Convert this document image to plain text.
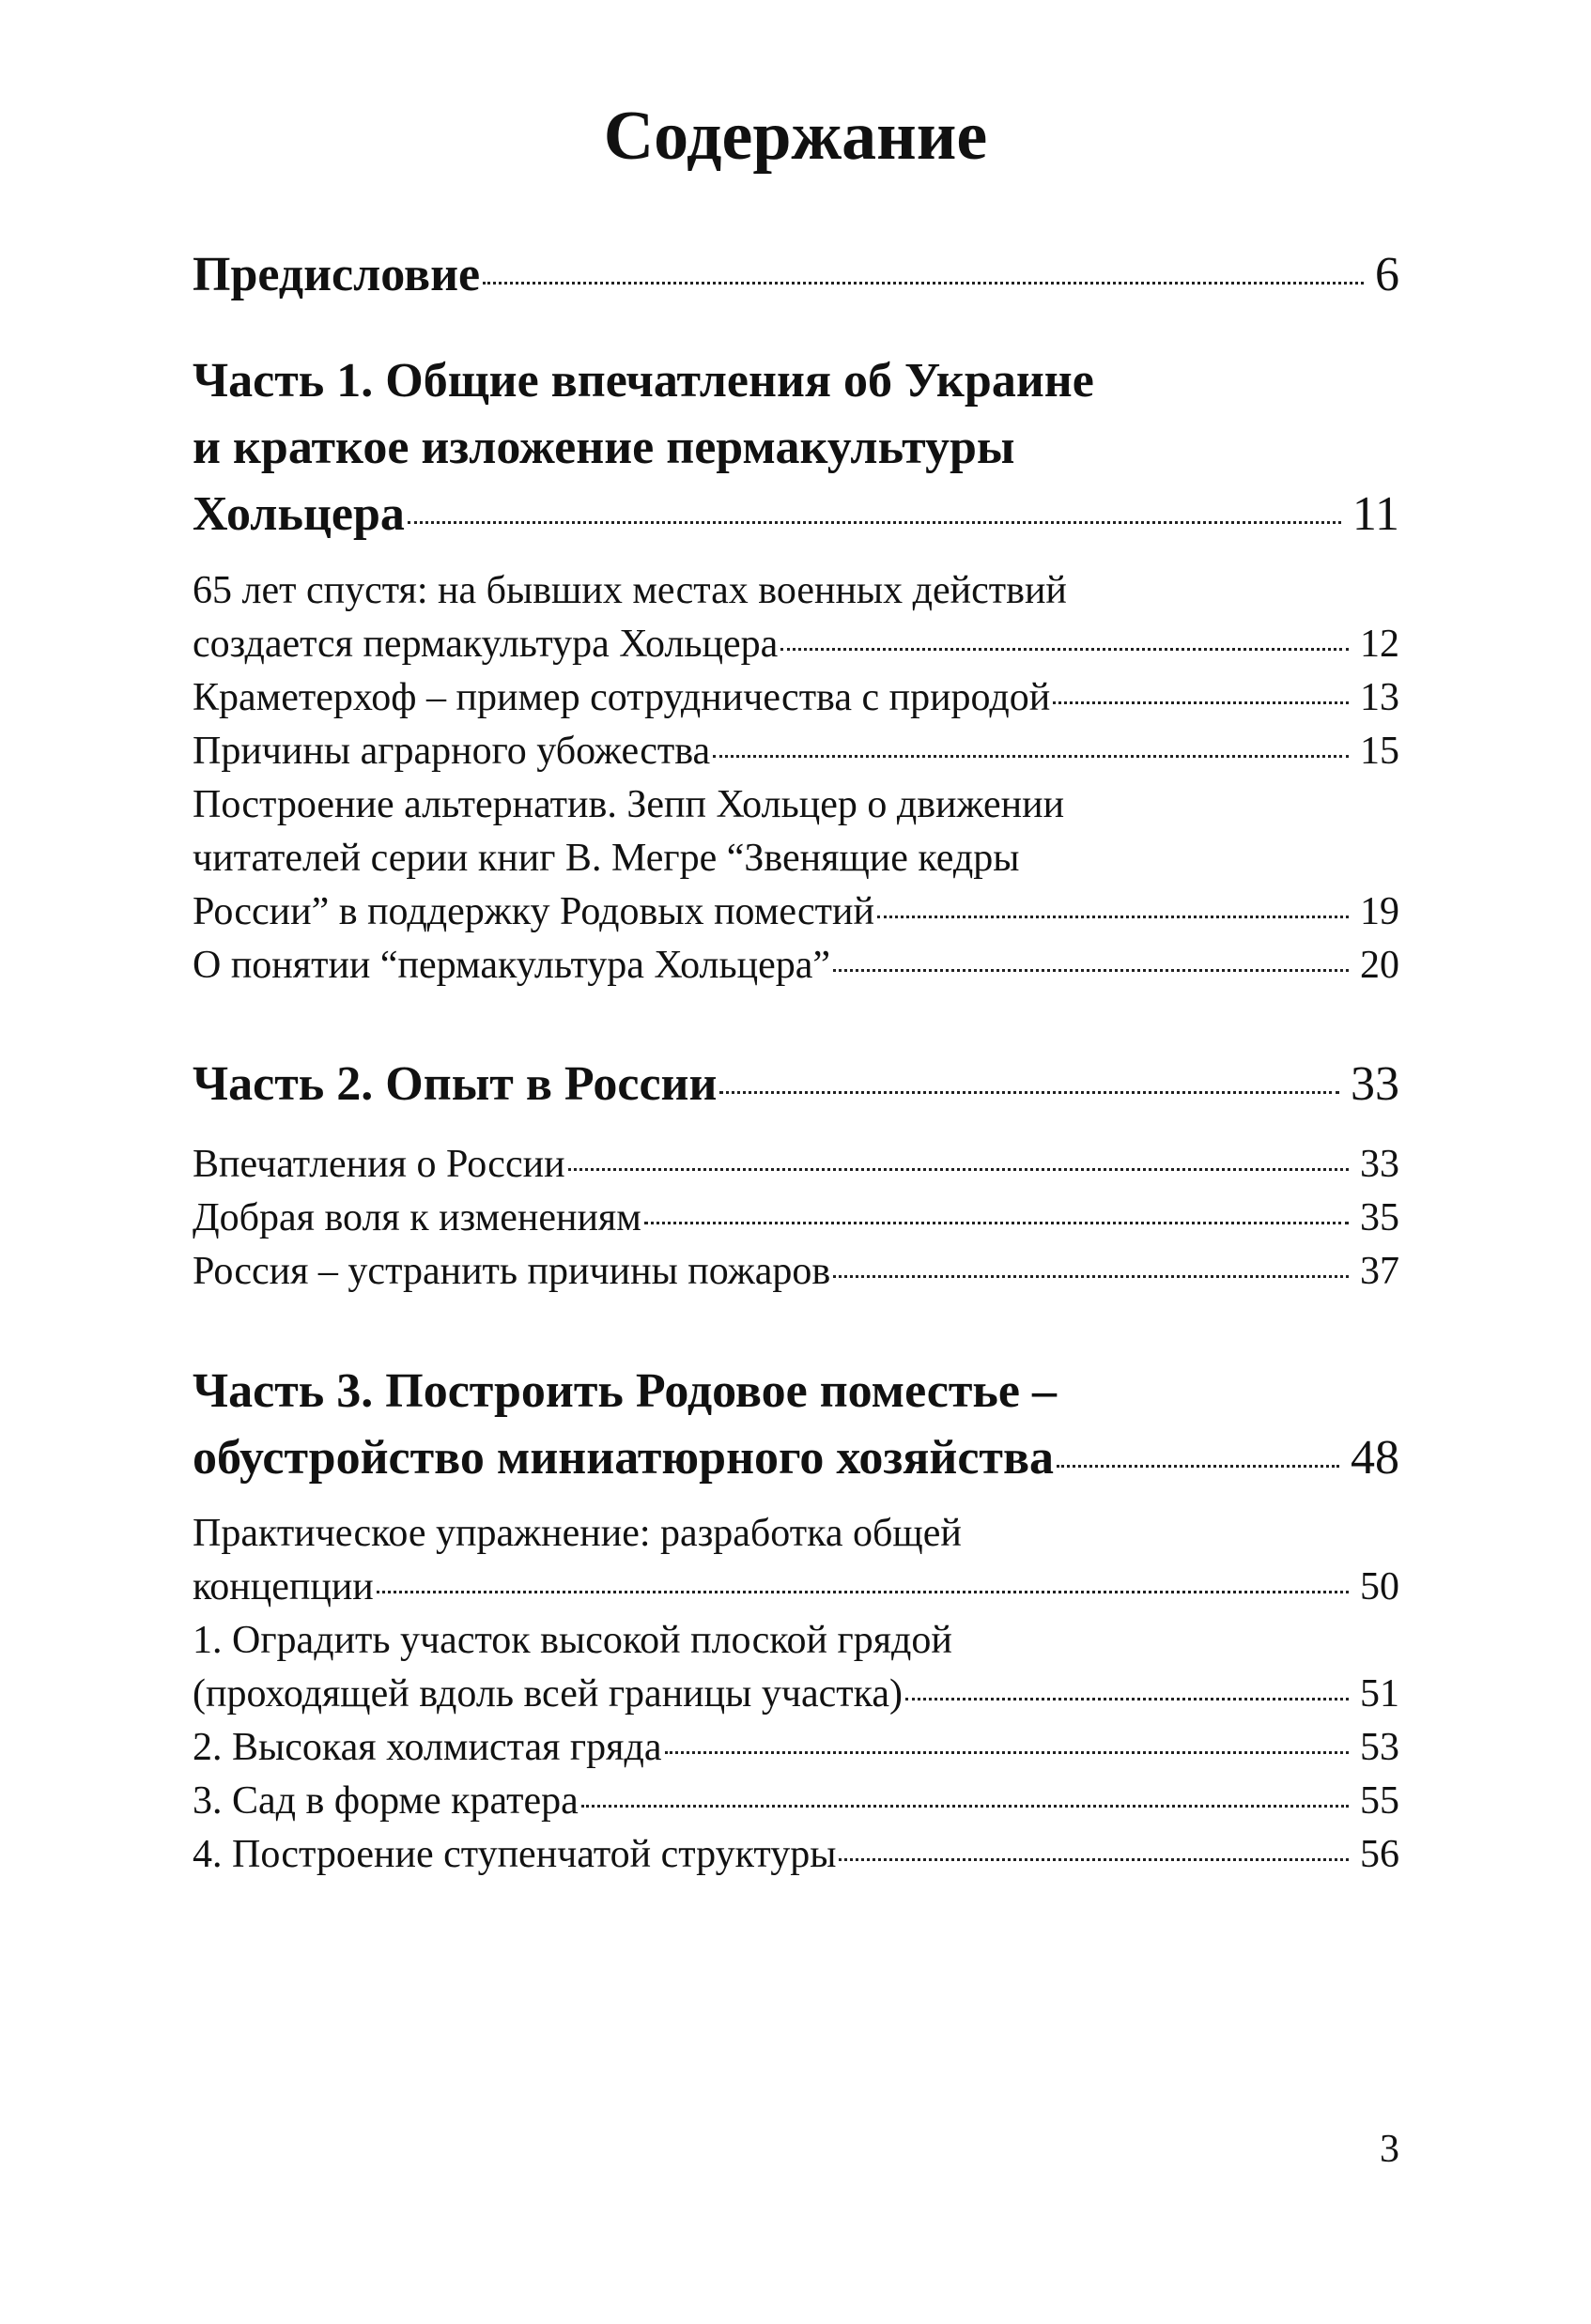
Содержание
Предисловие	6
Часть 1. Общие впечатления об Украине
и краткое изложение пермакультуры
Хольцера	11
65 лет спустя: на бывших местах военных действий
создается пермакультура Хольцера	12
Краметерхоф – пример сотрудничества с природой	13
Причины аграрного убожества	15
Построение альтернатив. Зепп Хольцер о движении
читателей серии книг В. Мегре “Звенящие кедры
России” в поддержку Родовых поместий	19
О понятии “пермакультура Хольцера”	20
Часть 2. Опыт в России	33
Впечатления о России	33
Добрая воля к изменениям	35
Россия – устранить причины пожаров	37
Часть 3. Построить Родовое поместье –
обустройство миниатюрного хозяйства	48
Практическое упражнение: разработка общей
концепции	50
1. Оградить участок высокой плоской грядой
(проходящей вдоль всей границы участка)	51
2. Высокая холмистая гряда	53
3. Сад в форме кратера	55
4. Построение ступенчатой структуры	56
3
